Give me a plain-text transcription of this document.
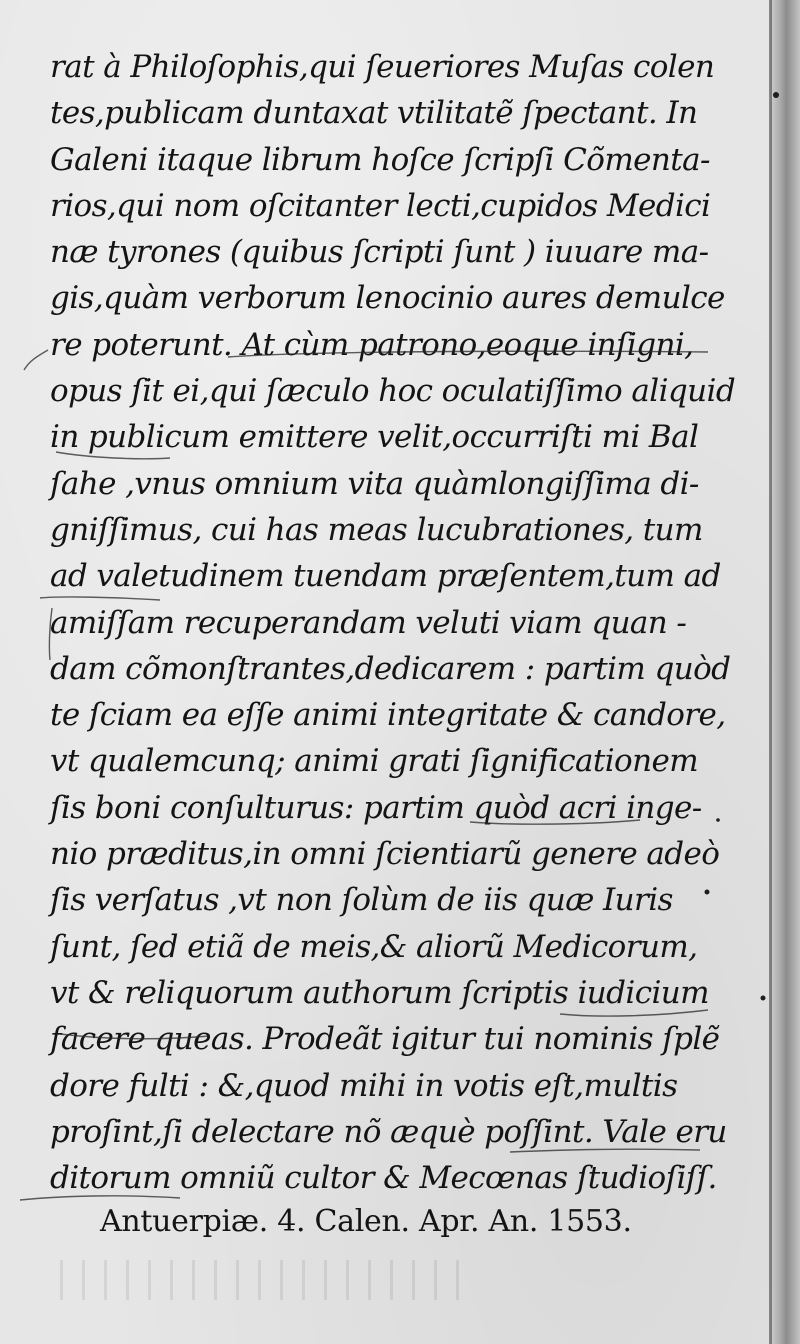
rat à Philoſophis,qui ſeueriores Muſas colen
tes,publicam duntaxat vtilitatẽ ſpectant. In
Galeni itaque librum hoſce ſcripſi Cõmenta-
rios,qui nom oſcitanter lecti,cupidos Medici
næ tyrones (quibus ſcripti ſunt ) iuuare ma-
gis,quàm verborum lenocinio aures demulce
re poterunt. At cùm patrono,eoque inſigni,
opus ſit ei,qui ſæculo hoc oculatiſſimo aliquid
in publicum emittere velit,occurriſti mi Bal
ſahe ,vnus omnium vita quàmlongiſſima di-
gniſſimus, cui has meas lucubrationes, tum
ad valetudinem tuendam præſentem,tum ad
amiſſam recuperandam veluti viam quan -
dam cõmonſtrantes,dedicarem : partim quòd
te ſciam ea eſſe animi integritate & candore,
vt qualemcunq; animi grati ſignificationem
ſis boni conſulturus: partim quòd acri inge-
nio præditus,in omni ſcientiarũ genere adeò
ſis verſatus ,vt non ſolùm de iis quæ Iuris
ſunt, ſed etiã de meis,& aliorũ Medicorum,
vt & reliquorum authorum ſcriptis iudicium
facere queas. Prodeãt igitur tui nominis ſplẽ
dore fulti : &,quod mihi in votis eſt,multis
proſint,ſi delectare nõ æquè poſſint. Vale eru
ditorum omniũ cultor & Mecœnas ſtudioſiſſ.
Antuerpiæ. 4. Calen. Apr. An. 1553.
